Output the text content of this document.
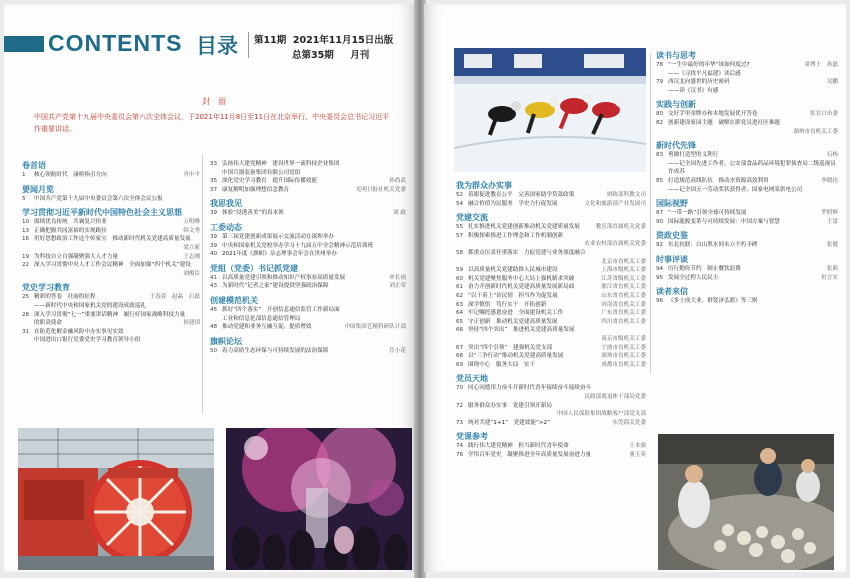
CONTENTS 目录 第11期 2021年11月15日出版
总第35期 月刊
封　面
中国共产党第十九届中央委员会第六次全体会议，于2021年11月8日至11日在北京举行。中央委员会总书记习近平作重要讲话。
卷首语
1 核心领航时代　康桥指引方向	齐中平
要闻月览
5 中国共产党第十九届中央委员会第六次全体会议公报
学习贯彻习近平新时代中国特色社会主义思想
10 赓续优良传统　共襄复兴伟业	万明峰
13 正确把握共同富裕的实现路径	韩文秀
16 用好思想政治工作这个传家宝　推动新时代机关党建高质量发展
梁立新
19 为科技自立自强凝聚强大人才力量	王志刚
22 深入学习贯彻中央人才工作会议精神　全面加强“四个机关”建设
刘俊臣
党史学习教育
25 精彩的答卷　壮丽的征程	王春春　赵晶　石磊
——新时代中央和国家机关党的建设成就巡礼
28 深入学习贯彻“七一”重要讲话精神　履行好国家战略科技力量
的职责使命	侯建国
31 在防范化解金融风险中办实事见实效
中国进出口银行党委党史学习教育领导小组
33 弘扬伟大建党精神　建设世界一流科技企业集团
中国兵器装备集团有限公司党组
35 深化党史学习教育　提升国际传播效能	孙尚武
37 康复解明加强理想信念教育	光明日报社机关党委
我思我见
39 体验“浸透善美”的真本领	刘 政
工委动态
39 第三届党建创新成果展示交流活动在深圳举办
39 中央和国家机关党校举办学习十九届五中全会精神示范培训班
40 2021年度《旗帜》杂志理事会年会在贵州举办
党组（党委）书记抓党建
41 以高质量党建引领和推动知识产权事业高质量发展	申长雨
43 为新时代“记者之家”建设提供坚强政治保障	刘正荣
创建模范机关
45 抓好“四个落实”　开创信息通信监管工作新局面
工业和信息化部信息通信管理局
48 推动党建和业务互融互促、提质增效	中国集团艺精科研队计部
旗帜论坛
50 着力高质生态环保与可持续发展的法治保障	岳小花
我为群众办实事
52 着眼促进教育公平　完善国家助学贷款政策	财政部科教文司
54 融合价值为民服务　学史力行促发展	文化和旅游部产业发展司
党建交流
55 扎实推进机关党建创新推动机关党建质量发展	教育部直属机关党委
57 积极探索推进工作理念和工作机制创新
农业农村部直属机关党委
58 抓重点压责任重落实　力促党建与业务深度融合
北京市直机关工委
59 以高质量机关党建助推人民城市建设	上海市级机关工委
60 机关党建聚焦服务中心大局上强机制求突破	江苏省级机关工委
61 奋力开创新时代机关党建高质量发展新局面	浙江省直机关工委
62 “以干着上”访民情　担当作为促发展	山东省直机关工委
63 深学慎悟　笃行实干　开拓创新	河南省直机关工委
64 牢记嘱托感恩奋进　全面建设机关工作	广东省直机关工委
65 守正创新　推动机关党建高质量发展	四川省直机关工委
66 坚持“四个突出”　推进机关党建高质量发展
南京市级机关工委
67 突出“四个引领”　建强机关党支部	宁波市直机关工委
68 以“三争行动”推动机关党建高质量发展	深圳市直机关工委
69 围绕中心　服务大局　实干	成都市直机关工委
党员天地
70 同心同德用力奋斗开新时代青年接续奋斗接续奋斗
民政部离退休干部局党委
72 服务群众办实事　党建引领开新局
中国人民保险集团战略客户部党支部
73 统对共建“1+1”　党建效能“>2”	东莞海关党委
党课参考
74 践行伟大建党精神　担当新时代青年使命	王本强
76 学悟百年党史　凝聚推进全年高质量发展奋进力量	董玉英
读书与思考
78 “一生中最好的年华”该如何度过?	童博士　孙磊
——《寻找平凡福建》读后感
79 西汉北向盛世的历史密码	吴鹏
——读《汉书》有感
实践与创新
80 交好手里金牌办和本地发展优开答卷	张室口市委
82 创新建设家园主题　破解在职党员进社区难题
湖州市直机关工委
新时代先锋
83 勇做打造型的义利行	石杨
——记全国先进工作者、公安部食品药品环境犯罪侦查局二级巡视员
许成苏
85 打造规范高线队伍　推动水资源高效利用	李晓达
——记全国五一劳动奖状获得者、国家电网某供电公司
国际视野
87 “一带一路”引领全球可持续发展	罗照辉
90 国际能源变革与可持续发展：中国方案与智慧	王雷
资政史鉴
92 东北抗联：白山黑水间永立不朽丰碑	张健
时事评谈
94 厉行勤俭节约　制止餐饮浪费	张莉
95 发展全过程人民民主	恒言实
读者来信
96 《多士成大业，群贤济弘愿》等三则
